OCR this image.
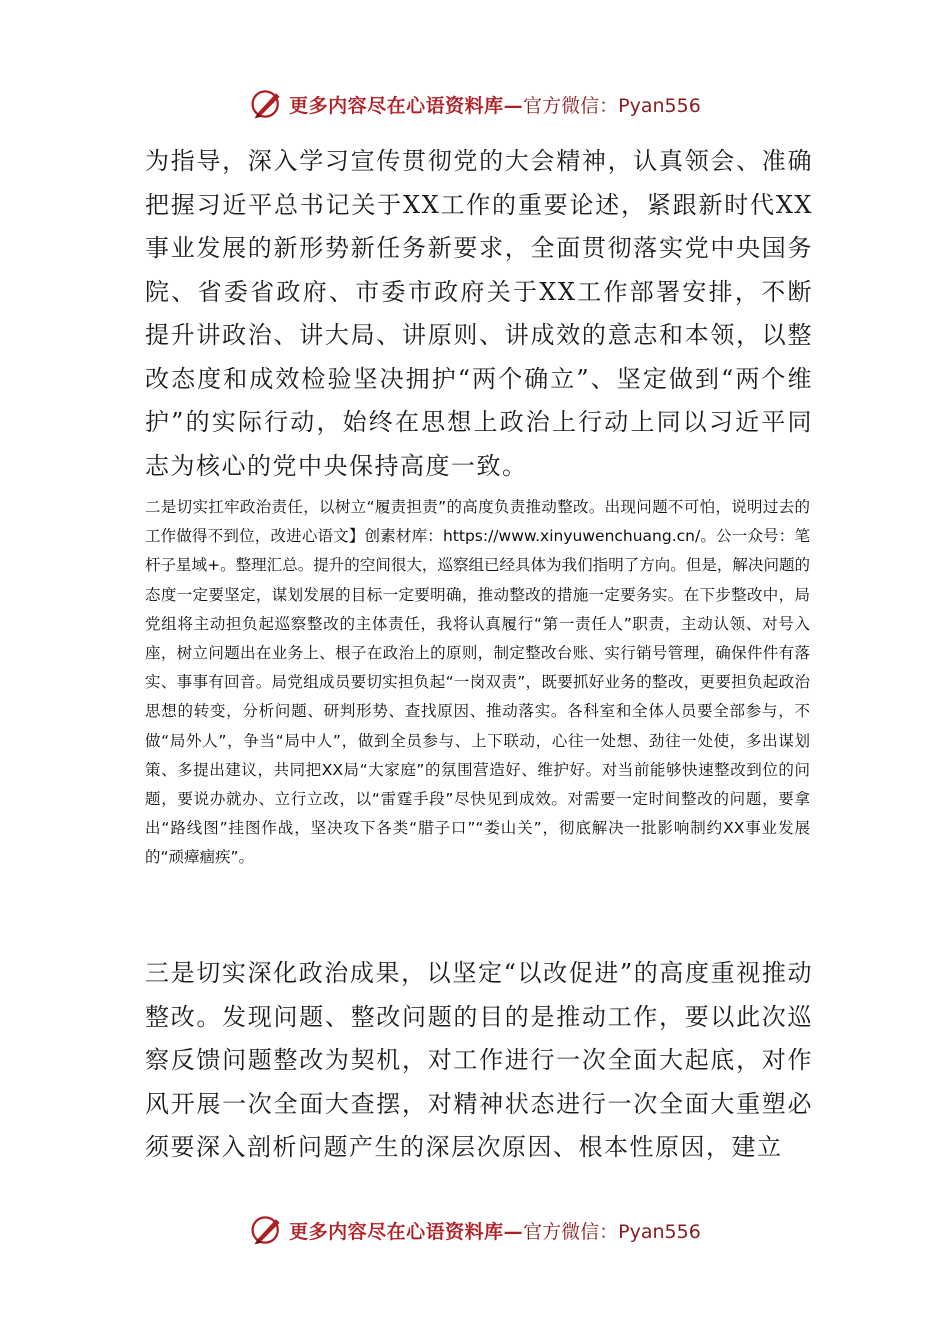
更多内容尽在心语资料库— 官方微信：Pyan556
为指导，深入学习宣传贯彻党的大会精神，认真领会、准确把握习近平总书记关于XX工作的重要论述，紧跟新时代XX事业发展的新形势新任务新要求，全面贯彻落实党中央国务院、省委省政府、市委市政府关于XX工作部署安排，不断提升讲政治、讲大局、讲原则、讲成效的意志和本领，以整改态度和成效检验坚决拥护“两个确立”、坚定做到“两个维护”的实际行动，始终在思想上政治上行动上同以习近平同志为核心的党中央保持高度一致。
二是切实扛牢政治责任，以树立“履责担责”的高度负责推动整改。出现问题不可怕，说明过去的工作做得不到位，改进心语文】创素材库：https://www.xinyuwenchuang.cn/。公一众号：笔杆子星域+。整理汇总。提升的空间很大，巡察组已经具体为我们指明了方向。但是，解决问题的态度一定要坚定，谋划发展的目标一定要明确，推动整改的措施一定要务实。在下步整改中，局党组将主动担负起巡察整改的主体责任，我将认真履行“第一责任人”职责，主动认领、对号入座，树立问题出在业务上、根子在政治上的原则，制定整改台账、实行销号管理，确保件件有落实、事事有回音。局党组成员要切实担负起“一岗双责”，既要抓好业务的整改，更要担负起政治思想的转变，分析问题、研判形势、查找原因、推动落实。各科室和全体人员要全部参与，不做“局外人”，争当“局中人”，做到全员参与、上下联动，心往一处想、劲往一处使，多出谋划策、多提出建议，共同把XX局“大家庭”的氛围营造好、维护好。对当前能够快速整改到位的问题，要说办就办、立行立改，以“雷霆手段”尽快见到成效。对需要一定时间整改的问题，要拿出“路线图”挂图作战，坚决攻下各类“腊子口”“娄山关”，彻底解决一批影响制约XX事业发展的“顽瘴痼疾”。
三是切实深化政治成果，以坚定“以改促进”的高度重视推动整改。发现问题、整改问题的目的是推动工作，要以此次巡察反馈问题整改为契机，对工作进行一次全面大起底，对作风开展一次全面大查摆，对精神状态进行一次全面大重塑必须要深入剖析问题产生的深层次原因、根本性原因，建立
更多内容尽在心语资料库— 官方微信：Pyan556
